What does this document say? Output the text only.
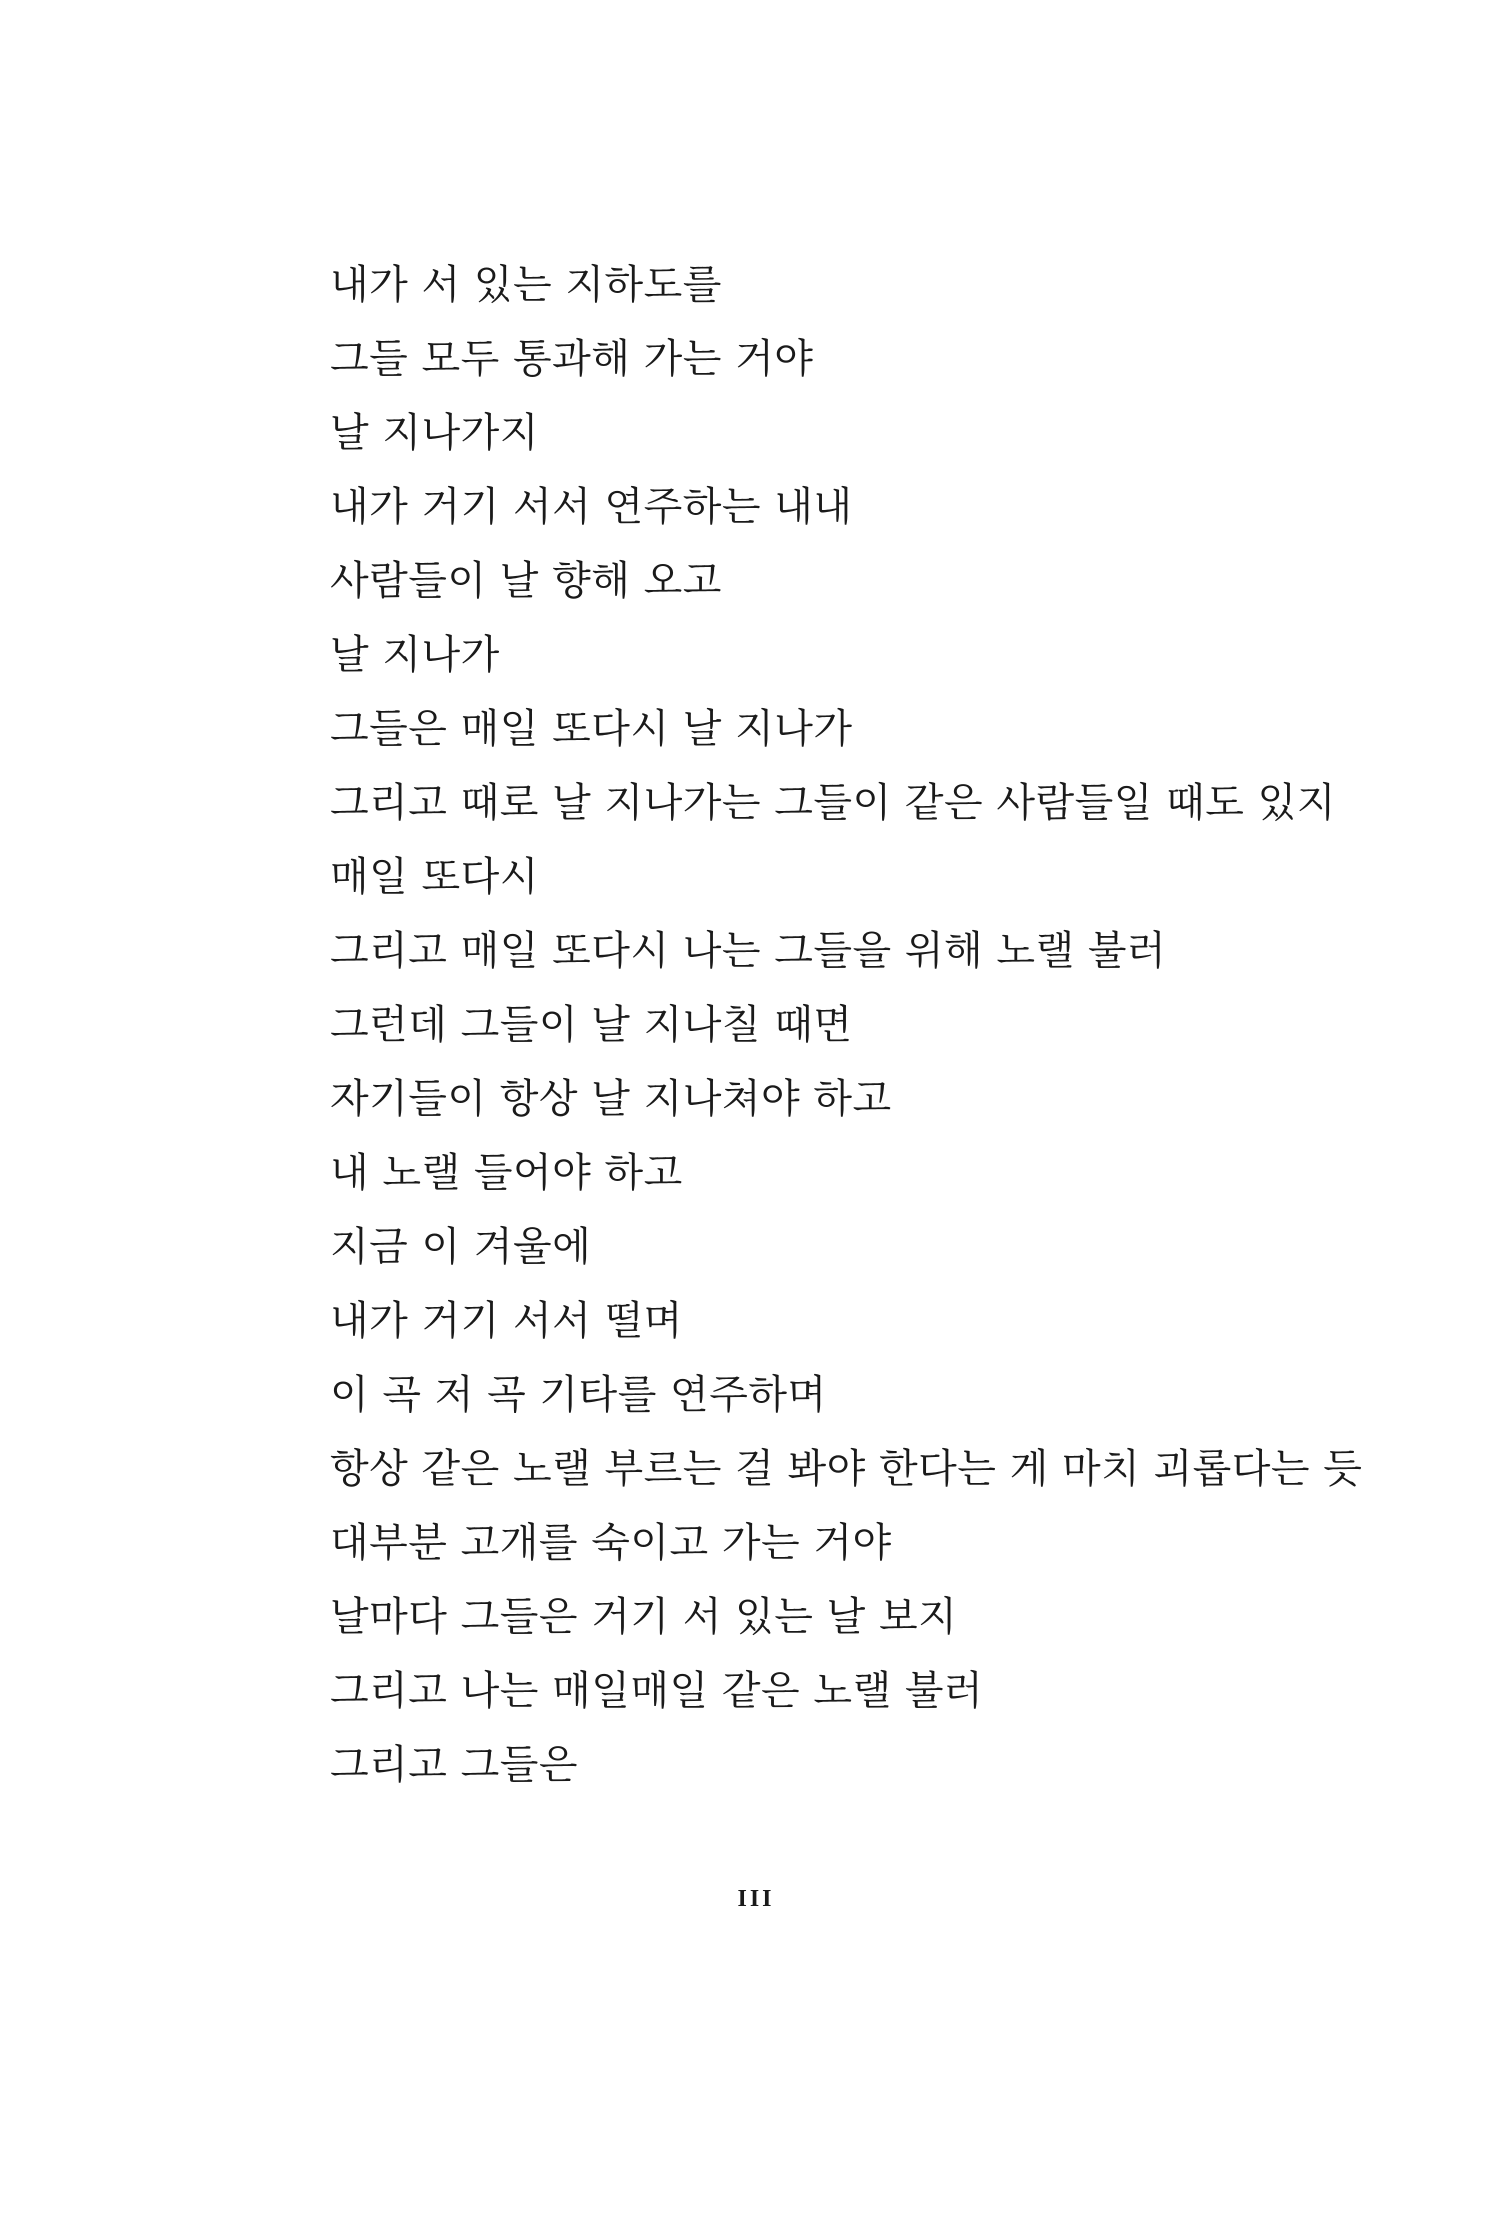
내가 서 있는 지하도를
그들 모두 통과해 가는 거야
날 지나가지
내가 거기 서서 연주하는 내내
사람들이 날 향해 오고
날 지나가
그들은 매일 또다시 날 지나가
그리고 때로 날 지나가는 그들이 같은 사람들일 때도 있지
매일 또다시
그리고 매일 또다시 나는 그들을 위해 노랠 불러
그런데 그들이 날 지나칠 때면
자기들이 항상 날 지나쳐야 하고
내 노랠 들어야 하고
지금 이 겨울에
내가 거기 서서 떨며
이 곡 저 곡 기타를 연주하며
항상 같은 노랠 부르는 걸 봐야 한다는 게 마치 괴롭다는 듯
대부분 고개를 숙이고 가는 거야
날마다 그들은 거기 서 있는 날 보지
그리고 나는 매일매일 같은 노랠 불러
그리고 그들은
III
